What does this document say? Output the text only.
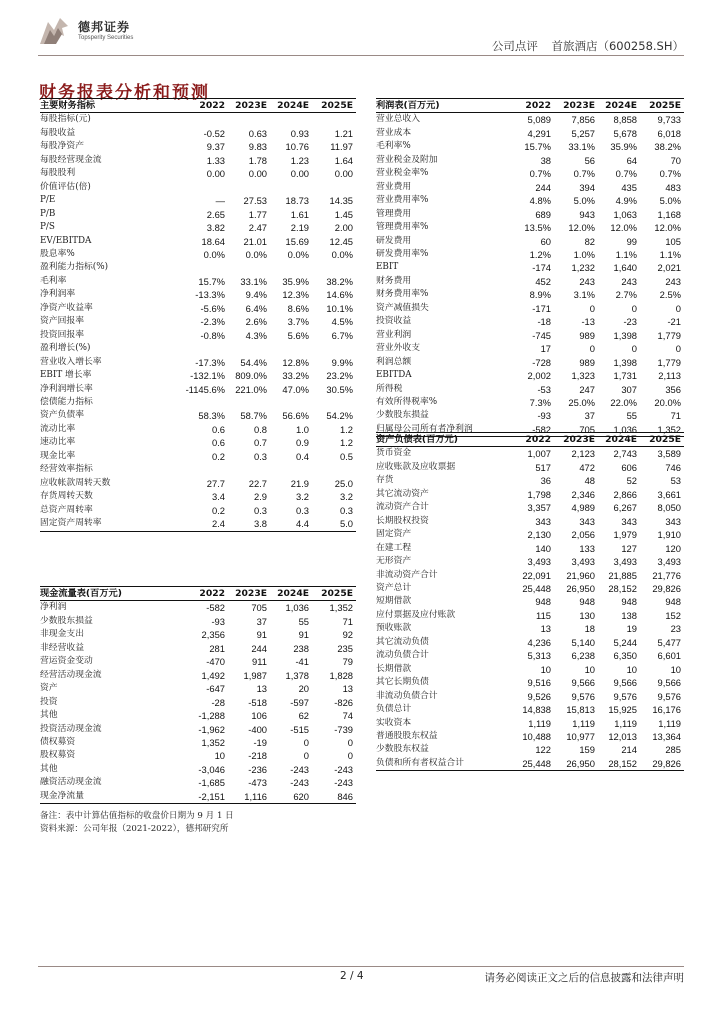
德邦证券
Topsperity Securities
公司点评 首旅酒店（600258.SH）
财务报表分析和预测
主要财务指标	2022	2023E	2024E	2025E
每股指标(元)				
每股收益	-0.52	0.63	0.93	1.21
每股净资产	9.37	9.83	10.76	11.97
每股经营现金流	1.33	1.78	1.23	1.64
每股股利	0.00	0.00	0.00	0.00
价值评估(倍)				
P/E	—	27.53	18.73	14.35
P/B	2.65	1.77	1.61	1.45
P/S	3.82	2.47	2.19	2.00
EV/EBITDA	18.64	21.01	15.69	12.45
股息率%	0.0%	0.0%	0.0%	0.0%
盈利能力指标(%)				
毛利率	15.7%	33.1%	35.9%	38.2%
净利润率	-13.3%	9.4%	12.3%	14.6%
净资产收益率	-5.6%	6.4%	8.6%	10.1%
资产回报率	-2.3%	2.6%	3.7%	4.5%
投资回报率	-0.8%	4.3%	5.6%	6.7%
盈利增长(%)				
营业收入增长率	-17.3%	54.4%	12.8%	9.9%
EBIT 增长率	-132.1%	809.0%	33.2%	23.2%
净利润增长率	-1145.6%	221.0%	47.0%	30.5%
偿债能力指标				
资产负债率	58.3%	58.7%	56.6%	54.2%
流动比率	0.6	0.8	1.0	1.2
速动比率	0.6	0.7	0.9	1.2
现金比率	0.2	0.3	0.4	0.5
经营效率指标				
应收帐款周转天数	27.7	22.7	21.9	25.0
存货周转天数	3.4	2.9	3.2	3.2
总资产周转率	0.2	0.3	0.3	0.3
固定资产周转率	2.4	3.8	4.4	5.0
利润表(百万元)	2022	2023E	2024E	2025E
营业总收入	5,089	7,856	8,858	9,733
营业成本	4,291	5,257	5,678	6,018
毛利率%	15.7%	33.1%	35.9%	38.2%
营业税金及附加	38	56	64	70
营业税金率%	0.7%	0.7%	0.7%	0.7%
营业费用	244	394	435	483
营业费用率%	4.8%	5.0%	4.9%	5.0%
管理费用	689	943	1,063	1,168
管理费用率%	13.5%	12.0%	12.0%	12.0%
研发费用	60	82	99	105
研发费用率%	1.2%	1.0%	1.1%	1.1%
EBIT	-174	1,232	1,640	2,021
财务费用	452	243	243	243
财务费用率%	8.9%	3.1%	2.7%	2.5%
资产减值损失	-171	0	0	0
投资收益	-18	-13	-23	-21
营业利润	-745	989	1,398	1,779
营业外收支	17	0	0	0
利润总额	-728	989	1,398	1,779
EBITDA	2,002	1,323	1,731	2,113
所得税	-53	247	307	356
有效所得税率%	7.3%	25.0%	22.0%	20.0%
少数股东损益	-93	37	55	71
归属母公司所有者净利润	-582	705	1,036	1,352
资产负债表(百万元)	2022	2023E	2024E	2025E
货币资金	1,007	2,123	2,743	3,589
应收账款及应收票据	517	472	606	746
存货	36	48	52	53
其它流动资产	1,798	2,346	2,866	3,661
流动资产合计	3,357	4,989	6,267	8,050
长期股权投资	343	343	343	343
固定资产	2,130	2,056	1,979	1,910
在建工程	140	133	127	120
无形资产	3,493	3,493	3,493	3,493
非流动资产合计	22,091	21,960	21,885	21,776
资产总计	25,448	26,950	28,152	29,826
短期借款	948	948	948	948
应付票据及应付账款	115	130	138	152
预收账款	13	18	19	23
其它流动负债	4,236	5,140	5,244	5,477
流动负债合计	5,313	6,238	6,350	6,601
长期借款	10	10	10	10
其它长期负债	9,516	9,566	9,566	9,566
非流动负债合计	9,526	9,576	9,576	9,576
负债总计	14,838	15,813	15,925	16,176
实收资本	1,119	1,119	1,119	1,119
普通股股东权益	10,488	10,977	12,013	13,364
少数股东权益	122	159	214	285
负债和所有者权益合计	25,448	26,950	28,152	29,826
现金流量表(百万元)	2022	2023E	2024E	2025E
净利润	-582	705	1,036	1,352
少数股东损益	-93	37	55	71
非现金支出	2,356	91	91	92
非经营收益	281	244	238	235
营运资金变动	-470	911	-41	79
经营活动现金流	1,492	1,987	1,378	1,828
资产	-647	13	20	13
投资	-28	-518	-597	-826
其他	-1,288	106	62	74
投资活动现金流	-1,962	-400	-515	-739
债权募资	1,352	-19	0	0
股权募资	10	-218	0	0
其他	-3,046	-236	-243	-243
融资活动现金流	-1,685	-473	-243	-243
现金净流量	-2,151	1,116	620	846
备注：表中计算估值指标的收盘价日期为 9 月 1 日
资料来源：公司年报（2021-2022），德邦研究所
2 / 4	请务必阅读正文之后的信息披露和法律声明
